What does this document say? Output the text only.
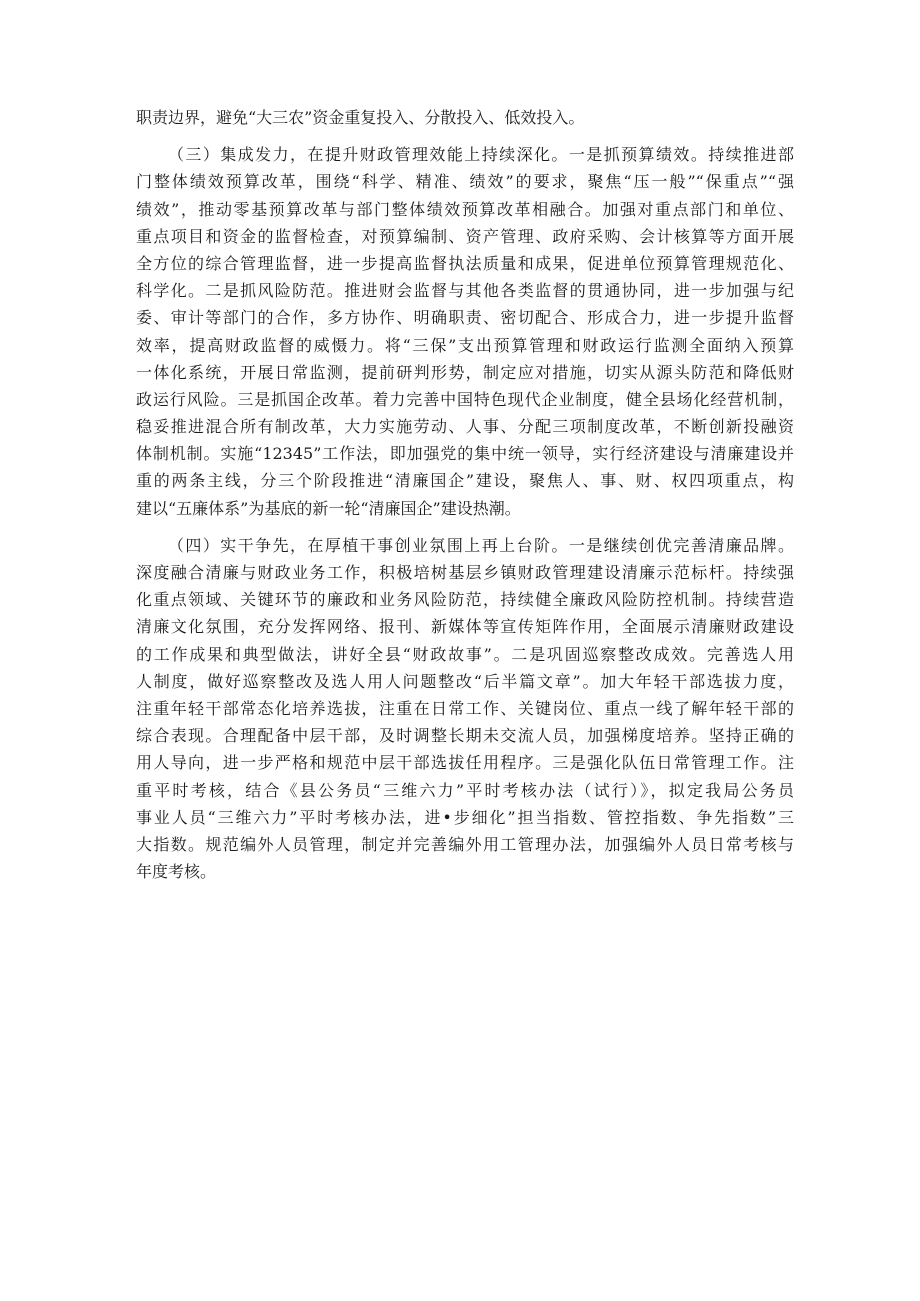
职责边界，避免“大三农”资金重复投入、分散投入、低效投入。
（三）集成发力，在提升财政管理效能上持续深化。一是抓预算绩效。持续推进部
门整体绩效预算改革，围绕“科学、精准、绩效”的要求，聚焦“压一般”“保重点”“强
绩效”，推动零基预算改革与部门整体绩效预算改革相融合。加强对重点部门和单位、
重点项目和资金的监督检查，对预算编制、资产管理、政府采购、会计核算等方面开展
全方位的综合管理监督，进一步提高监督执法质量和成果，促进单位预算管理规范化、
科学化。二是抓风险防范。推进财会监督与其他各类监督的贯通协同，进一步加强与纪
委、审计等部门的合作，多方协作、明确职责、密切配合、形成合力，进一步提升监督
效率，提高财政监督的威慑力。将“三保”支出预算管理和财政运行监测全面纳入预算
一体化系统，开展日常监测，提前研判形势，制定应对措施，切实从源头防范和降低财
政运行风险。三是抓国企改革。着力完善中国特色现代企业制度，健全县场化经营机制，
稳妥推进混合所有制改革，大力实施劳动、人事、分配三项制度改革，不断创新投融资
体制机制。实施“12345”工作法，即加强党的集中统一领导，实行经济建设与清廉建设并
重的两条主线，分三个阶段推进“清廉国企”建设，聚焦人、事、财、权四项重点，构
建以“五廉体系”为基底的新一轮“清廉国企”建设热潮。
（四）实干争先，在厚植干事创业氛围上再上台阶。一是继续创优完善清廉品牌。
深度融合清廉与财政业务工作，积极培树基层乡镇财政管理建设清廉示范标杆。持续强
化重点领域、关键环节的廉政和业务风险防范，持续健全廉政风险防控机制。持续营造
清廉文化氛围，充分发挥网络、报刊、新媒体等宣传矩阵作用，全面展示清廉财政建设
的工作成果和典型做法，讲好全县“财政故事”。二是巩固巡察整改成效。完善选人用
人制度，做好巡察整改及选人用人问题整改“后半篇文章”。加大年轻干部选拔力度，
注重年轻干部常态化培养选拔，注重在日常工作、关键岗位、重点一线了解年轻干部的
综合表现。合理配备中层干部，及时调整长期未交流人员，加强梯度培养。坚持正确的
用人导向，进一步严格和规范中层干部选拔任用程序。三是强化队伍日常管理工作。注
重平时考核，结合《县公务员“三维六力”平时考核办法（试行）》，拟定我局公务员
事业人员“三维六力”平时考核办法，进•步细化”担当指数、管控指数、争先指数”三
大指数。规范编外人员管理，制定并完善编外用工管理办法，加强编外人员日常考核与
年度考核。
